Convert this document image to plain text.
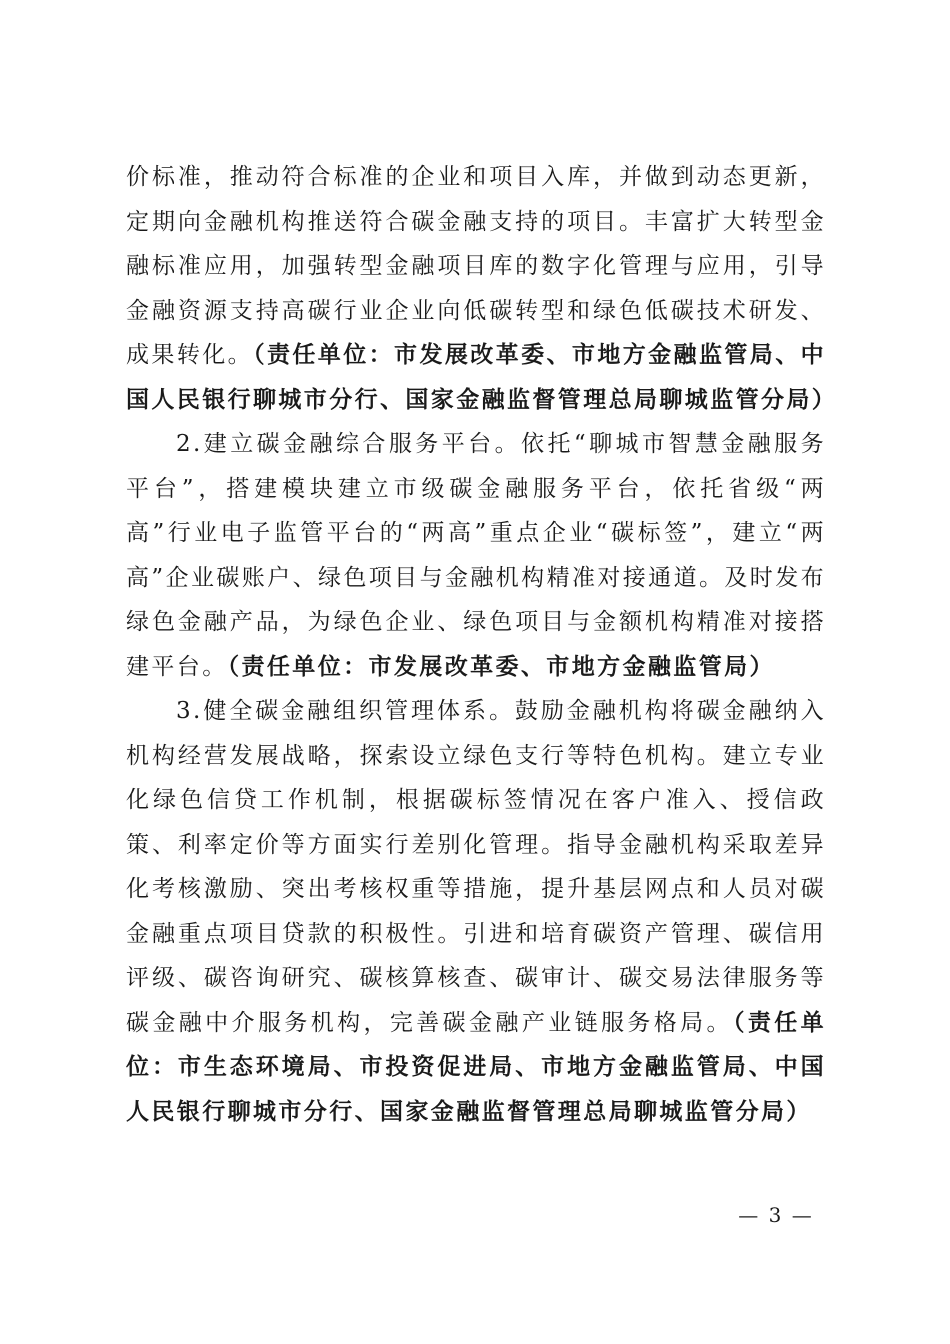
价标准，推动符合标准的企业和项目入库，并做到动态更新，定期向金融机构推送符合碳金融支持的项目。丰富扩大转型金融标准应用，加强转型金融项目库的数字化管理与应用，引导金融资源支持高碳行业企业向低碳转型和绿色低碳技术研发、成果转化。（责任单位：市发展改革委、市地方金融监管局、中国人民银行聊城市分行、国家金融监督管理总局聊城监管分局）

2.建立碳金融综合服务平台。依托“聊城市智慧金融服务平台”，搭建模块建立市级碳金融服务平台，依托省级“两高”行业电子监管平台的“两高”重点企业“碳标签”，建立“两高”企业碳账户、绿色项目与金融机构精准对接通道。及时发布绿色金融产品，为绿色企业、绿色项目与金额机构精准对接搭建平台。（责任单位：市发展改革委、市地方金融监管局）

3.健全碳金融组织管理体系。鼓励金融机构将碳金融纳入机构经营发展战略，探索设立绿色支行等特色机构。建立专业化绿色信贷工作机制，根据碳标签情况在客户准入、授信政策、利率定价等方面实行差别化管理。指导金融机构采取差异化考核激励、突出考核权重等措施，提升基层网点和人员对碳金融重点项目贷款的积极性。引进和培育碳资产管理、碳信用评级、碳咨询研究、碳核算核查、碳审计、碳交易法律服务等碳金融中介服务机构，完善碳金融产业链服务格局。（责任单位：市生态环境局、市投资促进局、市地方金融监管局、中国人民银行聊城市分行、国家金融监督管理总局聊城监管分局）

— 3 —
